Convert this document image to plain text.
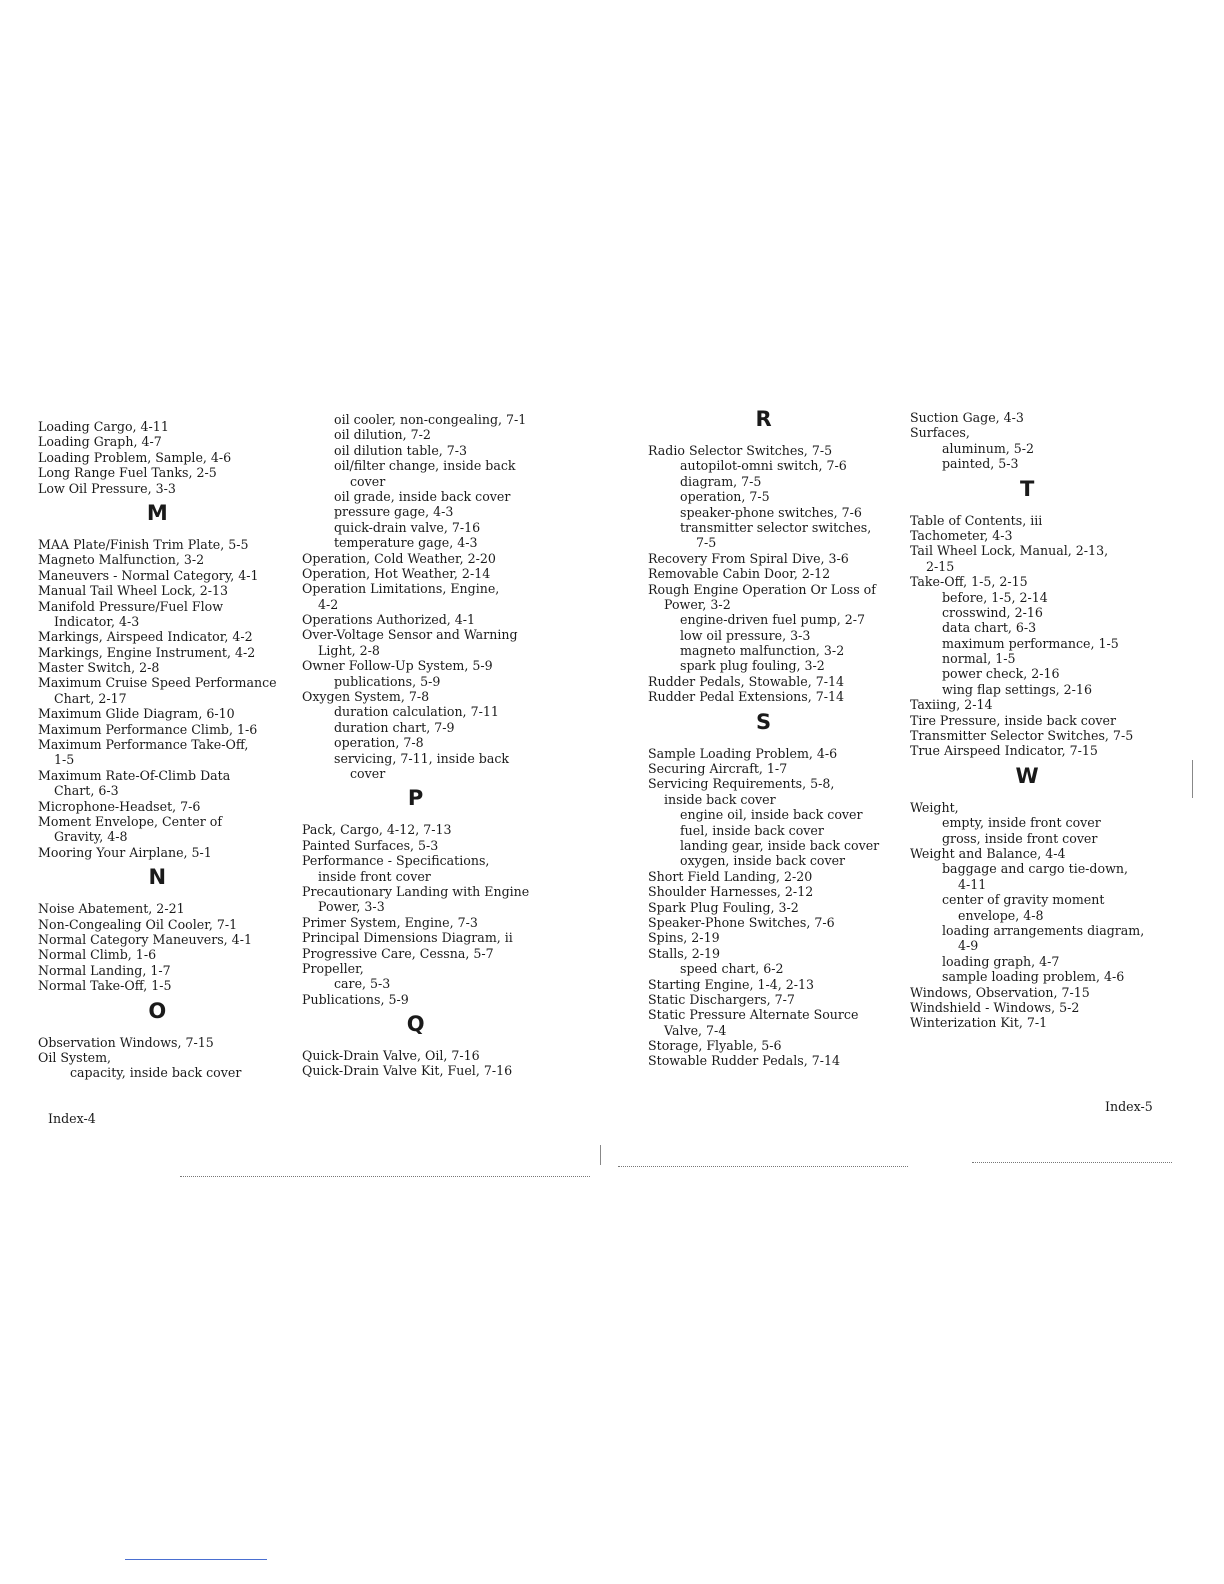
Loading Cargo, 4-11
Loading Graph, 4-7
Loading Problem, Sample, 4-6
Long Range Fuel Tanks, 2-5
Low Oil Pressure, 3-3
M
MAA Plate/Finish Trim Plate, 5-5
Magneto Malfunction, 3-2
Maneuvers - Normal Category, 4-1
Manual Tail Wheel Lock, 2-13
Manifold Pressure/Fuel Flow
Indicator, 4-3
Markings, Airspeed Indicator, 4-2
Markings, Engine Instrument, 4-2
Master Switch, 2-8
Maximum Cruise Speed Performance
Chart, 2-17
Maximum Glide Diagram, 6-10
Maximum Performance Climb, 1-6
Maximum Performance Take-Off,
1-5
Maximum Rate-Of-Climb Data
Chart, 6-3
Microphone-Headset, 7-6
Moment Envelope, Center of
Gravity, 4-8
Mooring Your Airplane, 5-1
N
Noise Abatement, 2-21
Non-Congealing Oil Cooler, 7-1
Normal Category Maneuvers, 4-1
Normal Climb, 1-6
Normal Landing, 1-7
Normal Take-Off, 1-5
O
Observation Windows, 7-15
Oil System,
capacity, inside back cover
oil cooler, non-congealing, 7-1
oil dilution, 7-2
oil dilution table, 7-3
oil/filter change, inside back
cover
oil grade, inside back cover
pressure gage, 4-3
quick-drain valve, 7-16
temperature gage, 4-3
Operation, Cold Weather, 2-20
Operation, Hot Weather, 2-14
Operation Limitations, Engine,
4-2
Operations Authorized, 4-1
Over-Voltage Sensor and Warning
Light, 2-8
Owner Follow-Up System, 5-9
publications, 5-9
Oxygen System, 7-8
duration calculation, 7-11
duration chart, 7-9
operation, 7-8
servicing, 7-11, inside back
cover
P
Pack, Cargo, 4-12, 7-13
Painted Surfaces, 5-3
Performance - Specifications,
inside front cover
Precautionary Landing with Engine
Power, 3-3
Primer System, Engine, 7-3
Principal Dimensions Diagram, ii
Progressive Care, Cessna, 5-7
Propeller,
care, 5-3
Publications, 5-9
Q
Quick-Drain Valve, Oil, 7-16
Quick-Drain Valve Kit, Fuel, 7-16
Index-4
R
Radio Selector Switches, 7-5
autopilot-omni switch, 7-6
diagram, 7-5
operation, 7-5
speaker-phone switches, 7-6
transmitter selector switches,
7-5
Recovery From Spiral Dive, 3-6
Removable Cabin Door, 2-12
Rough Engine Operation Or Loss of
Power, 3-2
engine-driven fuel pump, 2-7
low oil pressure, 3-3
magneto malfunction, 3-2
spark plug fouling, 3-2
Rudder Pedals, Stowable, 7-14
Rudder Pedal Extensions, 7-14
S
Sample Loading Problem, 4-6
Securing Aircraft, 1-7
Servicing Requirements, 5-8,
inside back cover
engine oil, inside back cover
fuel, inside back cover
landing gear, inside back cover
oxygen, inside back cover
Short Field Landing, 2-20
Shoulder Harnesses, 2-12
Spark Plug Fouling, 3-2
Speaker-Phone Switches, 7-6
Spins, 2-19
Stalls, 2-19
speed chart, 6-2
Starting Engine, 1-4, 2-13
Static Dischargers, 7-7
Static Pressure Alternate Source
Valve, 7-4
Storage, Flyable, 5-6
Stowable Rudder Pedals, 7-14
Suction Gage, 4-3
Surfaces,
aluminum, 5-2
painted, 5-3
T
Table of Contents, iii
Tachometer, 4-3
Tail Wheel Lock, Manual, 2-13,
2-15
Take-Off, 1-5, 2-15
before, 1-5, 2-14
crosswind, 2-16
data chart, 6-3
maximum performance, 1-5
normal, 1-5
power check, 2-16
wing flap settings, 2-16
Taxiing, 2-14
Tire Pressure, inside back cover
Transmitter Selector Switches, 7-5
True Airspeed Indicator, 7-15
W
Weight,
empty, inside front cover
gross, inside front cover
Weight and Balance, 4-4
baggage and cargo tie-down,
4-11
center of gravity moment
envelope, 4-8
loading arrangements diagram,
4-9
loading graph, 4-7
sample loading problem, 4-6
Windows, Observation, 7-15
Windshield - Windows, 5-2
Winterization Kit, 7-1
Index-5
